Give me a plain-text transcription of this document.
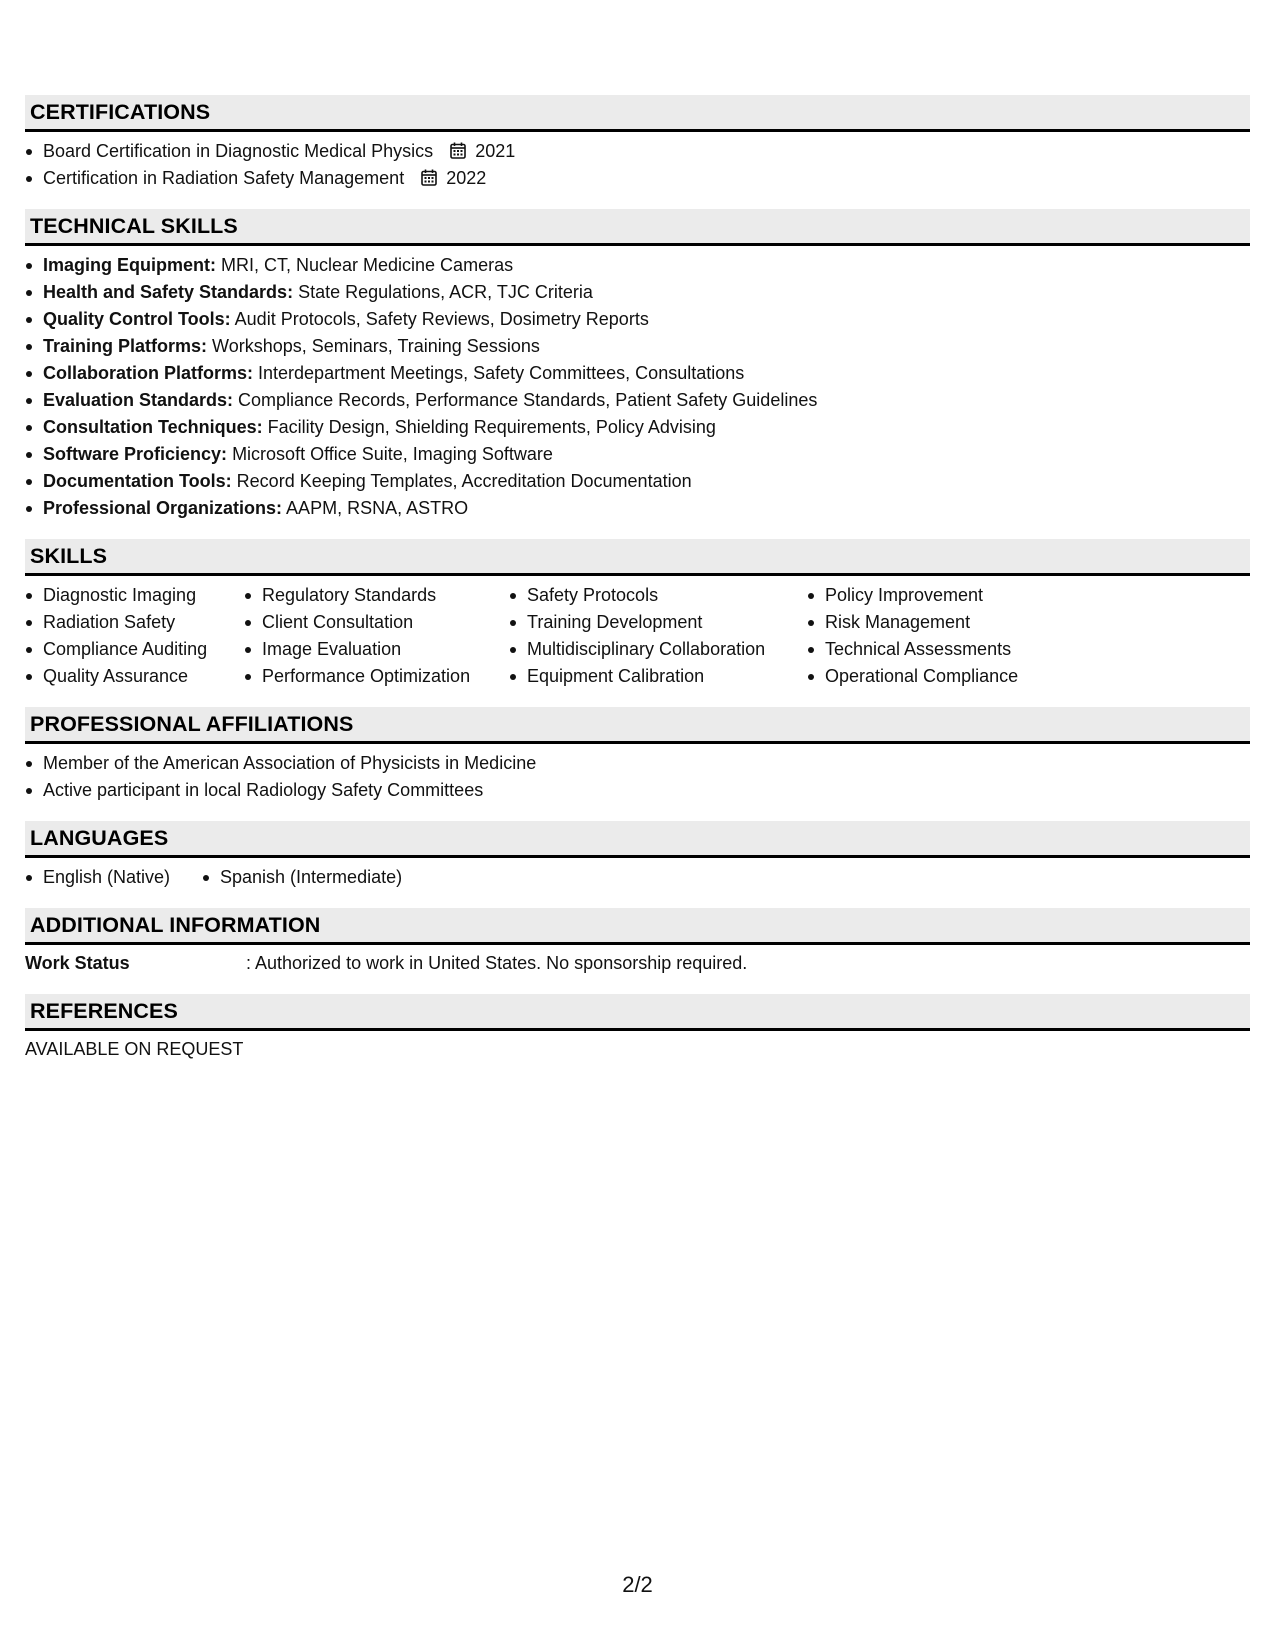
CERTIFICATIONS
Board Certification in Diagnostic Medical Physics 2021
Certification in Radiation Safety Management 2022
TECHNICAL SKILLS
Imaging Equipment: MRI, CT, Nuclear Medicine Cameras
Health and Safety Standards: State Regulations, ACR, TJC Criteria
Quality Control Tools: Audit Protocols, Safety Reviews, Dosimetry Reports
Training Platforms: Workshops, Seminars, Training Sessions
Collaboration Platforms: Interdepartment Meetings, Safety Committees, Consultations
Evaluation Standards: Compliance Records, Performance Standards, Patient Safety Guidelines
Consultation Techniques: Facility Design, Shielding Requirements, Policy Advising
Software Proficiency: Microsoft Office Suite, Imaging Software
Documentation Tools: Record Keeping Templates, Accreditation Documentation
Professional Organizations: AAPM, RSNA, ASTRO
SKILLS
Diagnostic Imaging
Radiation Safety
Compliance Auditing
Quality Assurance
Regulatory Standards
Client Consultation
Image Evaluation
Performance Optimization
Safety Protocols
Training Development
Multidisciplinary Collaboration
Equipment Calibration
Policy Improvement
Risk Management
Technical Assessments
Operational Compliance
PROFESSIONAL AFFILIATIONS
Member of the American Association of Physicists in Medicine
Active participant in local Radiology Safety Committees
LANGUAGES
English (Native)	Spanish (Intermediate)
ADDITIONAL INFORMATION
Work Status	: Authorized to work in United States. No sponsorship required.
REFERENCES
AVAILABLE ON REQUEST
2/2
